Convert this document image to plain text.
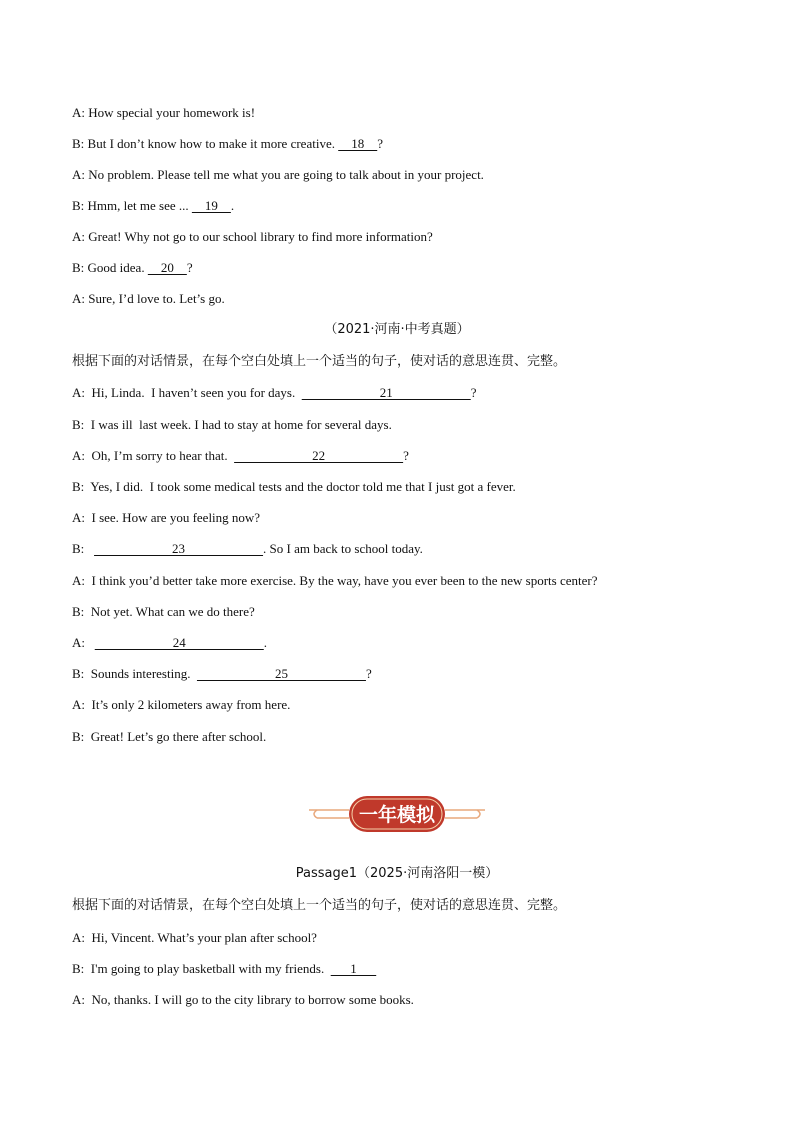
A: How special your homework is!
B: But I don’t know how to make it more creative.     18    ?
A: No problem. Please tell me what you are going to talk about in your project.
B: Hmm, let me see ...     19    .
A: Great! Why not go to our school library to find more information?
B: Good idea.     20    ?
A: Sure, I’d love to. Let’s go.
（2021·河南·中考真题）
根据下面的对话情景，在每个空白处填上一个适当的句子，使对话的意思连贯、完整。
A:  Hi, Linda.  I haven’t seen you for days.                          21                        ?
B:  I was ill  last week. I had to stay at home for several days.
A:  Oh, I’m sorry to hear that.                          22                        ?
B:  Yes, I did.  I took some medical tests and the doctor told me that I just got a fever.
A:  I see. How are you feeling now?
B:                           23                        . So I am back to school today.
A:  I think you’d better take more exercise. By the way, have you ever been to the new sports center?
B:  Not yet. What can we do there?
A:                           24                        .
B:  Sounds interesting.                          25                        ?
A:  It’s only 2 kilometers away from here.
B:  Great! Let’s go there after school.
一年模拟
Passage1（2025·河南洛阳一模）
根据下面的对话情景，在每个空白处填上一个适当的句子，使对话的意思连贯、完整。
A:  Hi, Vincent. What’s your plan after school?
B:  I'm going to play basketball with my friends.        1
A:  No, thanks. I will go to the city library to borrow some books.
